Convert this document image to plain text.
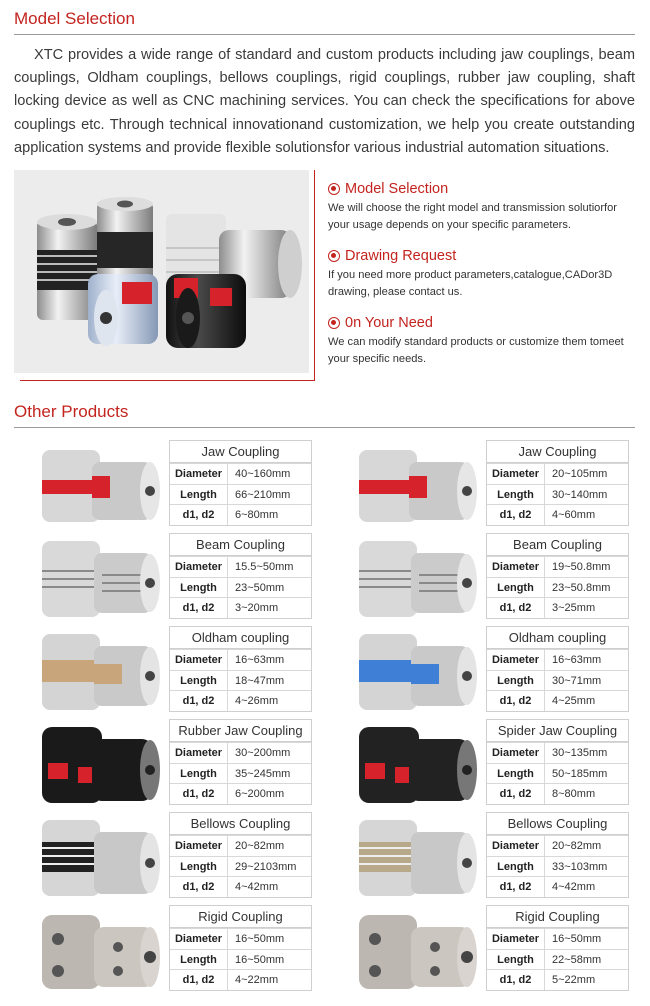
Model Selection

XTC provides a wide range of standard and custom products including jaw couplings, beam couplings, Oldham couplings, bellows couplings, rigid couplings, rubber jaw coupling, shaft locking device as well as CNC machining services. You can check the specifications for above couplings etc. Through technical innovationand customization, we help you create outstanding application systems and provide flexible solutionsfor various industrial automation situations.

Model Selection
We will choose the right model and transmission solutiorfor your usage depends on your specific parameters.
Drawing Request
If you need more product parameters,catalogue,CADor3D drawing, please contact us.
0n Your Need
We can modify standard products or customize them tomeet your specific needs.
Other Products
Jaw Coupling
Diameter	40~160mm
Length	66~210mm
d1, d2	6~80mm
Jaw Coupling
Diameter	20~105mm
Length	30~140mm
d1, d2	4~60mm
Beam Coupling
Diameter	15.5~50mm
Length	23~50mm
d1, d2	3~20mm
Beam Coupling
Diameter	19~50.8mm
Length	23~50.8mm
d1, d2	3~25mm
Oldham coupling
Diameter	16~63mm
Length	18~47mm
d1, d2	4~26mm
Oldham coupling
Diameter	16~63mm
Length	30~71mm
d1, d2	4~25mm
Rubber Jaw Coupling
Diameter	30~200mm
Length	35~245mm
d1, d2	6~200mm
Spider Jaw Coupling
Diameter	30~135mm
Length	50~185mm
d1, d2	8~80mm
Bellows Coupling
Diameter	20~82mm
Length	29~2103mm
d1, d2	4~42mm
Bellows Coupling
Diameter	20~82mm
Length	33~103mm
d1, d2	4~42mm
Rigid Coupling
Diameter	16~50mm
Length	16~50mm
d1, d2	4~22mm
Rigid Coupling
Diameter	16~50mm
Length	22~58mm
d1, d2	5~22mm
